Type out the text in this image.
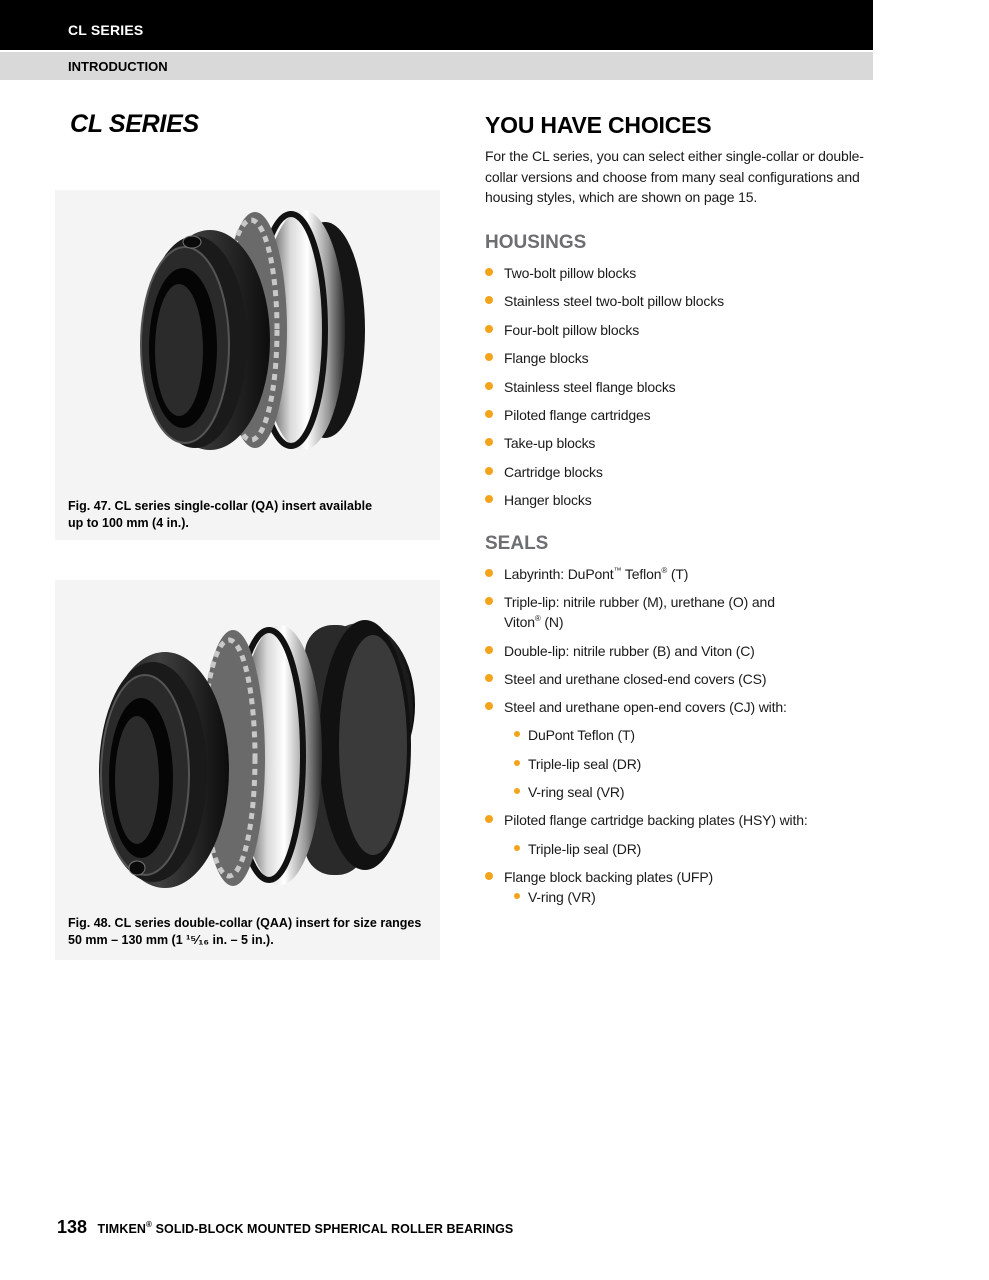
CL SERIES
INTRODUCTION
CL SERIES
Fig. 47. CL series single-collar (QA) insert available
up to 100 mm (4 in.).
Fig. 48. CL series double-collar (QAA) insert for size ranges
50 mm – 130 mm (1 ¹⁵⁄₁₆ in. – 5 in.).
YOU HAVE CHOICES

For the CL series, you can select either single-collar or double-collar versions and choose from many seal configurations and housing styles, which are shown on page 15.

HOUSINGS
Two-bolt pillow blocks
Stainless steel two-bolt pillow blocks
Four-bolt pillow blocks
Flange blocks
Stainless steel flange blocks
Piloted flange cartridges
Take-up blocks
Cartridge blocks
Hanger blocks
SEALS
Labyrinth: DuPont™ Teflon® (T)
Triple-lip: nitrile rubber (M), urethane (O) and
Viton® (N)
Double-lip: nitrile rubber (B) and Viton (C)
Steel and urethane closed-end covers (CS)
Steel and urethane open-end covers (CJ) with:
DuPont Teflon (T)
Triple-lip seal (DR)
V-ring seal (VR)
Piloted flange cartridge backing plates (HSY) with:
Triple-lip seal (DR)
Flange block backing plates (UFP)
V-ring (VR)
138 TIMKEN® SOLID-BLOCK MOUNTED SPHERICAL ROLLER BEARINGS
